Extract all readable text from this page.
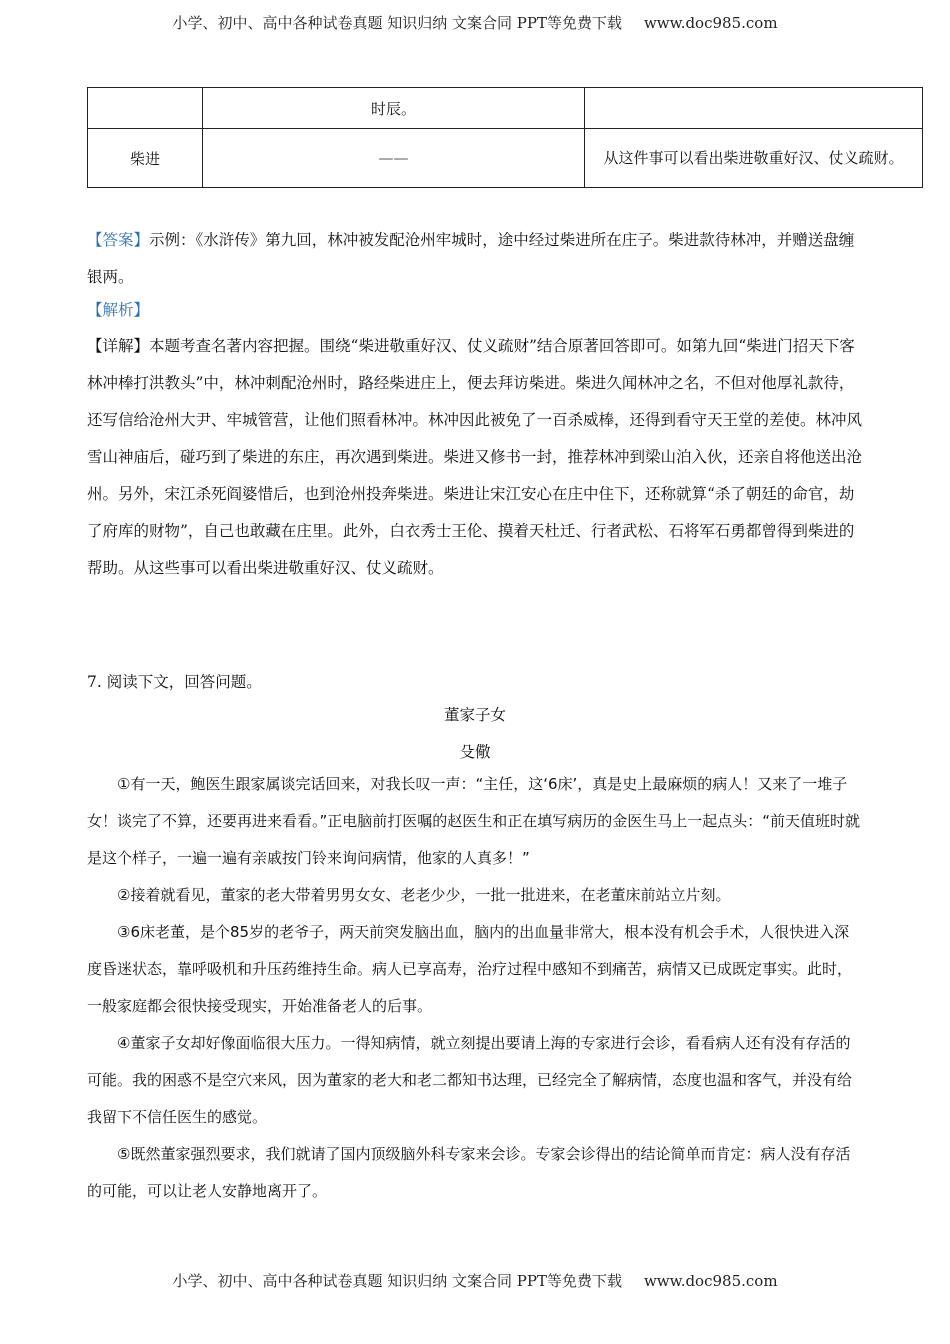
小学、初中、高中各种试卷真题 知识归纳 文案合同 PPT等免费下载 www.doc985.com
	时辰。	
柴进	——	从这件事可以看出柴进敬重好汉、仗义疏财。
【答案】示例：《水浒传》第九回，林冲被发配沧州牢城时，途中经过柴进所在庄子。柴进款待林冲，并赠送盘缠银两。
【解析】
【详解】本题考查名著内容把握。围绕“柴进敬重好汉、仗义疏财”结合原著回答即可。如第九回“柴进门招天下客 林冲棒打洪教头”中，林冲刺配沧州时，路经柴进庄上，便去拜访柴进。柴进久闻林冲之名，不但对他厚礼款待，还写信给沧州大尹、牢城管营，让他们照看林冲。林冲因此被免了一百杀威棒，还得到看守天王堂的差使。林冲风雪山神庙后，碰巧到了柴进的东庄，再次遇到柴进。柴进又修书一封，推荐林冲到梁山泊入伙，还亲自将他送出沧州。另外，宋江杀死阎婆惜后，也到沧州投奔柴进。柴进让宋江安心在庄中住下，还称就算“杀了朝廷的命官，劫了府库的财物”，自己也敢藏在庄里。此外，白衣秀士王伦、摸着天杜迁、行者武松、石将军石勇都曾得到柴进的帮助。从这些事可以看出柴进敬重好汉、仗义疏财。
7. 阅读下文，回答问题。
董家子女
殳儆

①有一天，鲍医生跟家属谈完话回来，对我长叹一声：“主任，这‘6床’，真是史上最麻烦的病人！又来了一堆子女！谈完了不算，还要再进来看看。”正电脑前打医嘱的赵医生和正在填写病历的金医生马上一起点头：“前天值班时就是这个样子，一遍一遍有亲戚按门铃来询问病情，他家的人真多！”

②接着就看见，董家的老大带着男男女女、老老少少，一批一批进来，在老董床前站立片刻。

③6床老董，是个85岁的老爷子，两天前突发脑出血，脑内的出血量非常大，根本没有机会手术，人很快进入深度昏迷状态，靠呼吸机和升压药维持生命。病人已享高寿，治疗过程中感知不到痛苦，病情又已成既定事实。此时，一般家庭都会很快接受现实，开始准备老人的后事。

④董家子女却好像面临很大压力。一得知病情，就立刻提出要请上海的专家进行会诊，看看病人还有没有存活的可能。我的困惑不是空穴来风，因为董家的老大和老二都知书达理，已经完全了解病情，态度也温和客气，并没有给我留下不信任医生的感觉。

⑤既然董家强烈要求，我们就请了国内顶级脑外科专家来会诊。专家会诊得出的结论简单而肯定：病人没有存活的可能，可以让老人安静地离开了。

小学、初中、高中各种试卷真题 知识归纳 文案合同 PPT等免费下载 www.doc985.com
